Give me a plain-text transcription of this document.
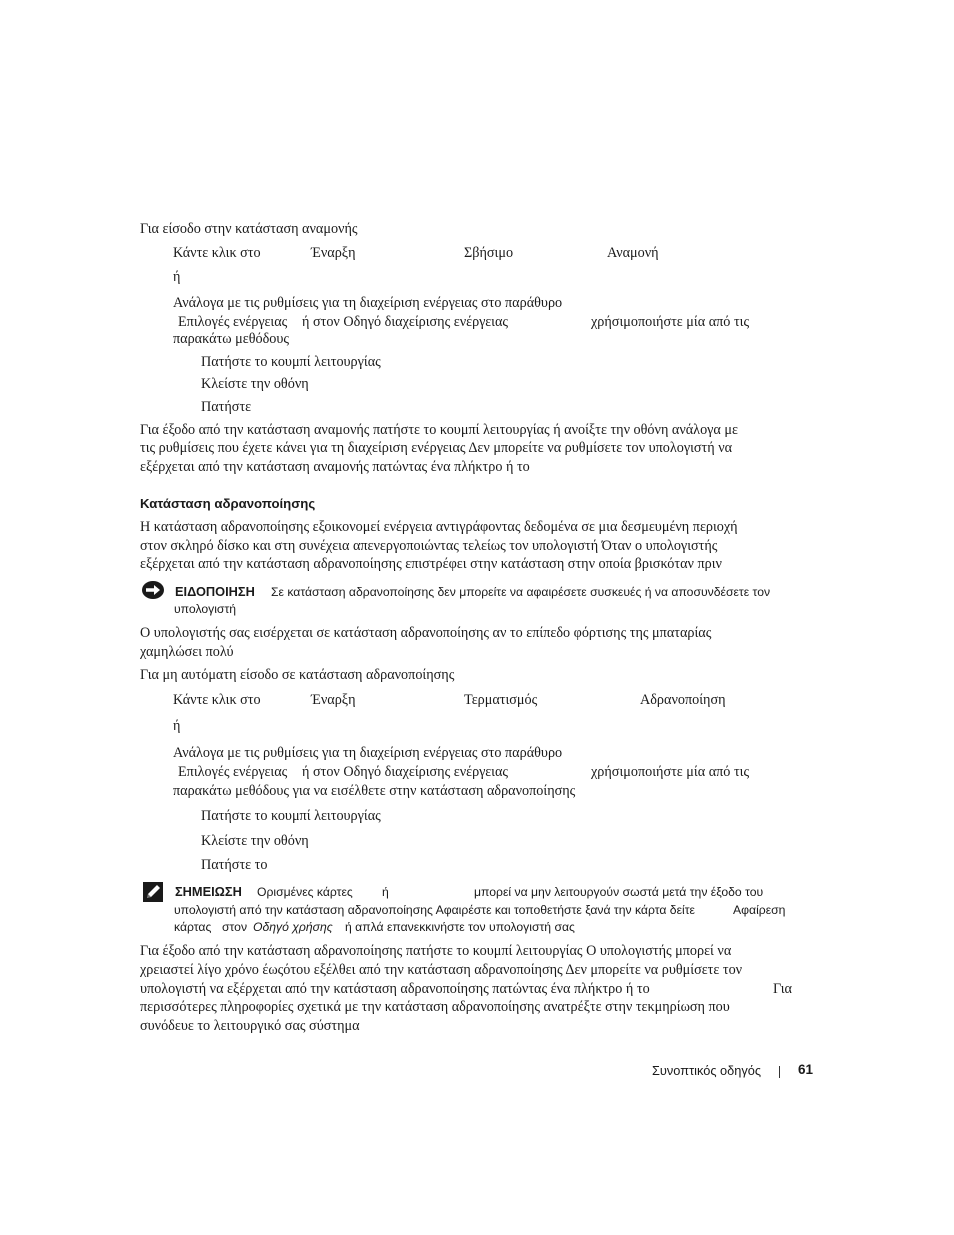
Για είσοδο στην κατάσταση αναμονής
Κάντε κλικ στο	Έναρξη	Σβήσιμο	Αναμονή
ή
Ανάλογα με τις ρυθμίσεις για τη διαχείριση ενέργειας στο παράθυρο
Επιλογές ενέργειας ή στον Οδηγό διαχείρισης ενέργειας	χρήσιμοποιήστε μία από τις
παρακάτω μεθόδους
Πατήστε το κουμπί λειτουργίας
Κλείστε την οθόνη
Πατήστε
Για έξοδο από την κατάσταση αναμονής πατήστε το κουμπί λειτουργίας ή ανοίξτε την οθόνη ανάλογα με
τις ρυθμίσεις που έχετε κάνει για τη διαχείριση ενέργειας Δεν μπορείτε να ρυθμίσετε τον υπολογιστή να
εξέρχεται από την κατάσταση αναμονής πατώντας ένα πλήκτρο ή το
Κατάσταση αδρανοποίησης
Η κατάσταση αδρανοποίησης εξοικονομεί ενέργεια αντιγράφοντας δεδομένα σε μια δεσμευμένη περιοχή
στον σκληρό δίσκο και στη συνέχεια απενεργοποιώντας τελείως τον υπολογιστή Όταν ο υπολογιστής
εξέρχεται από την κατάσταση αδρανοποίησης επιστρέφει στην κατάσταση στην οποία βρισκόταν πριν
ΕΙΔΟΠΟΙΗΣΗ Σε κατάσταση αδρανοποίησης δεν μπορείτε να αφαιρέσετε συσκευές ή να αποσυνδέσετε τον
υπολογιστή
Ο υπολογιστής σας εισέρχεται σε κατάσταση αδρανοποίησης αν το επίπεδο φόρτισης της μπαταρίας
χαμηλώσει πολύ
Για μη αυτόματη είσοδο σε κατάσταση αδρανοποίησης
Κάντε κλικ στο	Έναρξη	Τερματισμός	Αδρανοποίηση
ή
Ανάλογα με τις ρυθμίσεις για τη διαχείριση ενέργειας στο παράθυρο
Επιλογές ενέργειας ή στον Οδηγό διαχείρισης ενέργειας	χρήσιμοποιήστε μία από τις
παρακάτω μεθόδους για να εισέλθετε στην κατάσταση αδρανοποίησης
Πατήστε το κουμπί λειτουργίας
Κλείστε την οθόνη
Πατήστε το
ΣΗΜΕΙΩΣΗ Ορισμένες κάρτες ή	μπορεί να μην λειτουργούν σωστά μετά την έξοδο του
υπολογιστή από την κατάσταση αδρανοποίησης Αφαιρέστε και τοποθετήστε ξανά την κάρτα δείτε	Αφαίρεση
κάρτας στον Οδηγό χρήσης ή απλά επανεκκινήστε τον υπολογιστή σας
Για έξοδο από την κατάσταση αδρανοποίησης πατήστε το κουμπί λειτουργίας Ο υπολογιστής μπορεί να
χρειαστεί λίγο χρόνο έωςότου εξέλθει από την κατάσταση αδρανοποίησης Δεν μπορείτε να ρυθμίσετε τον
υπολογιστή να εξέρχεται από την κατάσταση αδρανοποίησης πατώντας ένα πλήκτρο ή το	Για
περισσότερες πληροφορίες σχετικά με την κατάσταση αδρανοποίησης ανατρέξτε στην τεκμηρίωση που
συνόδευε το λειτουργικό σας σύστημα
Συνοπτικός οδηγός	61
